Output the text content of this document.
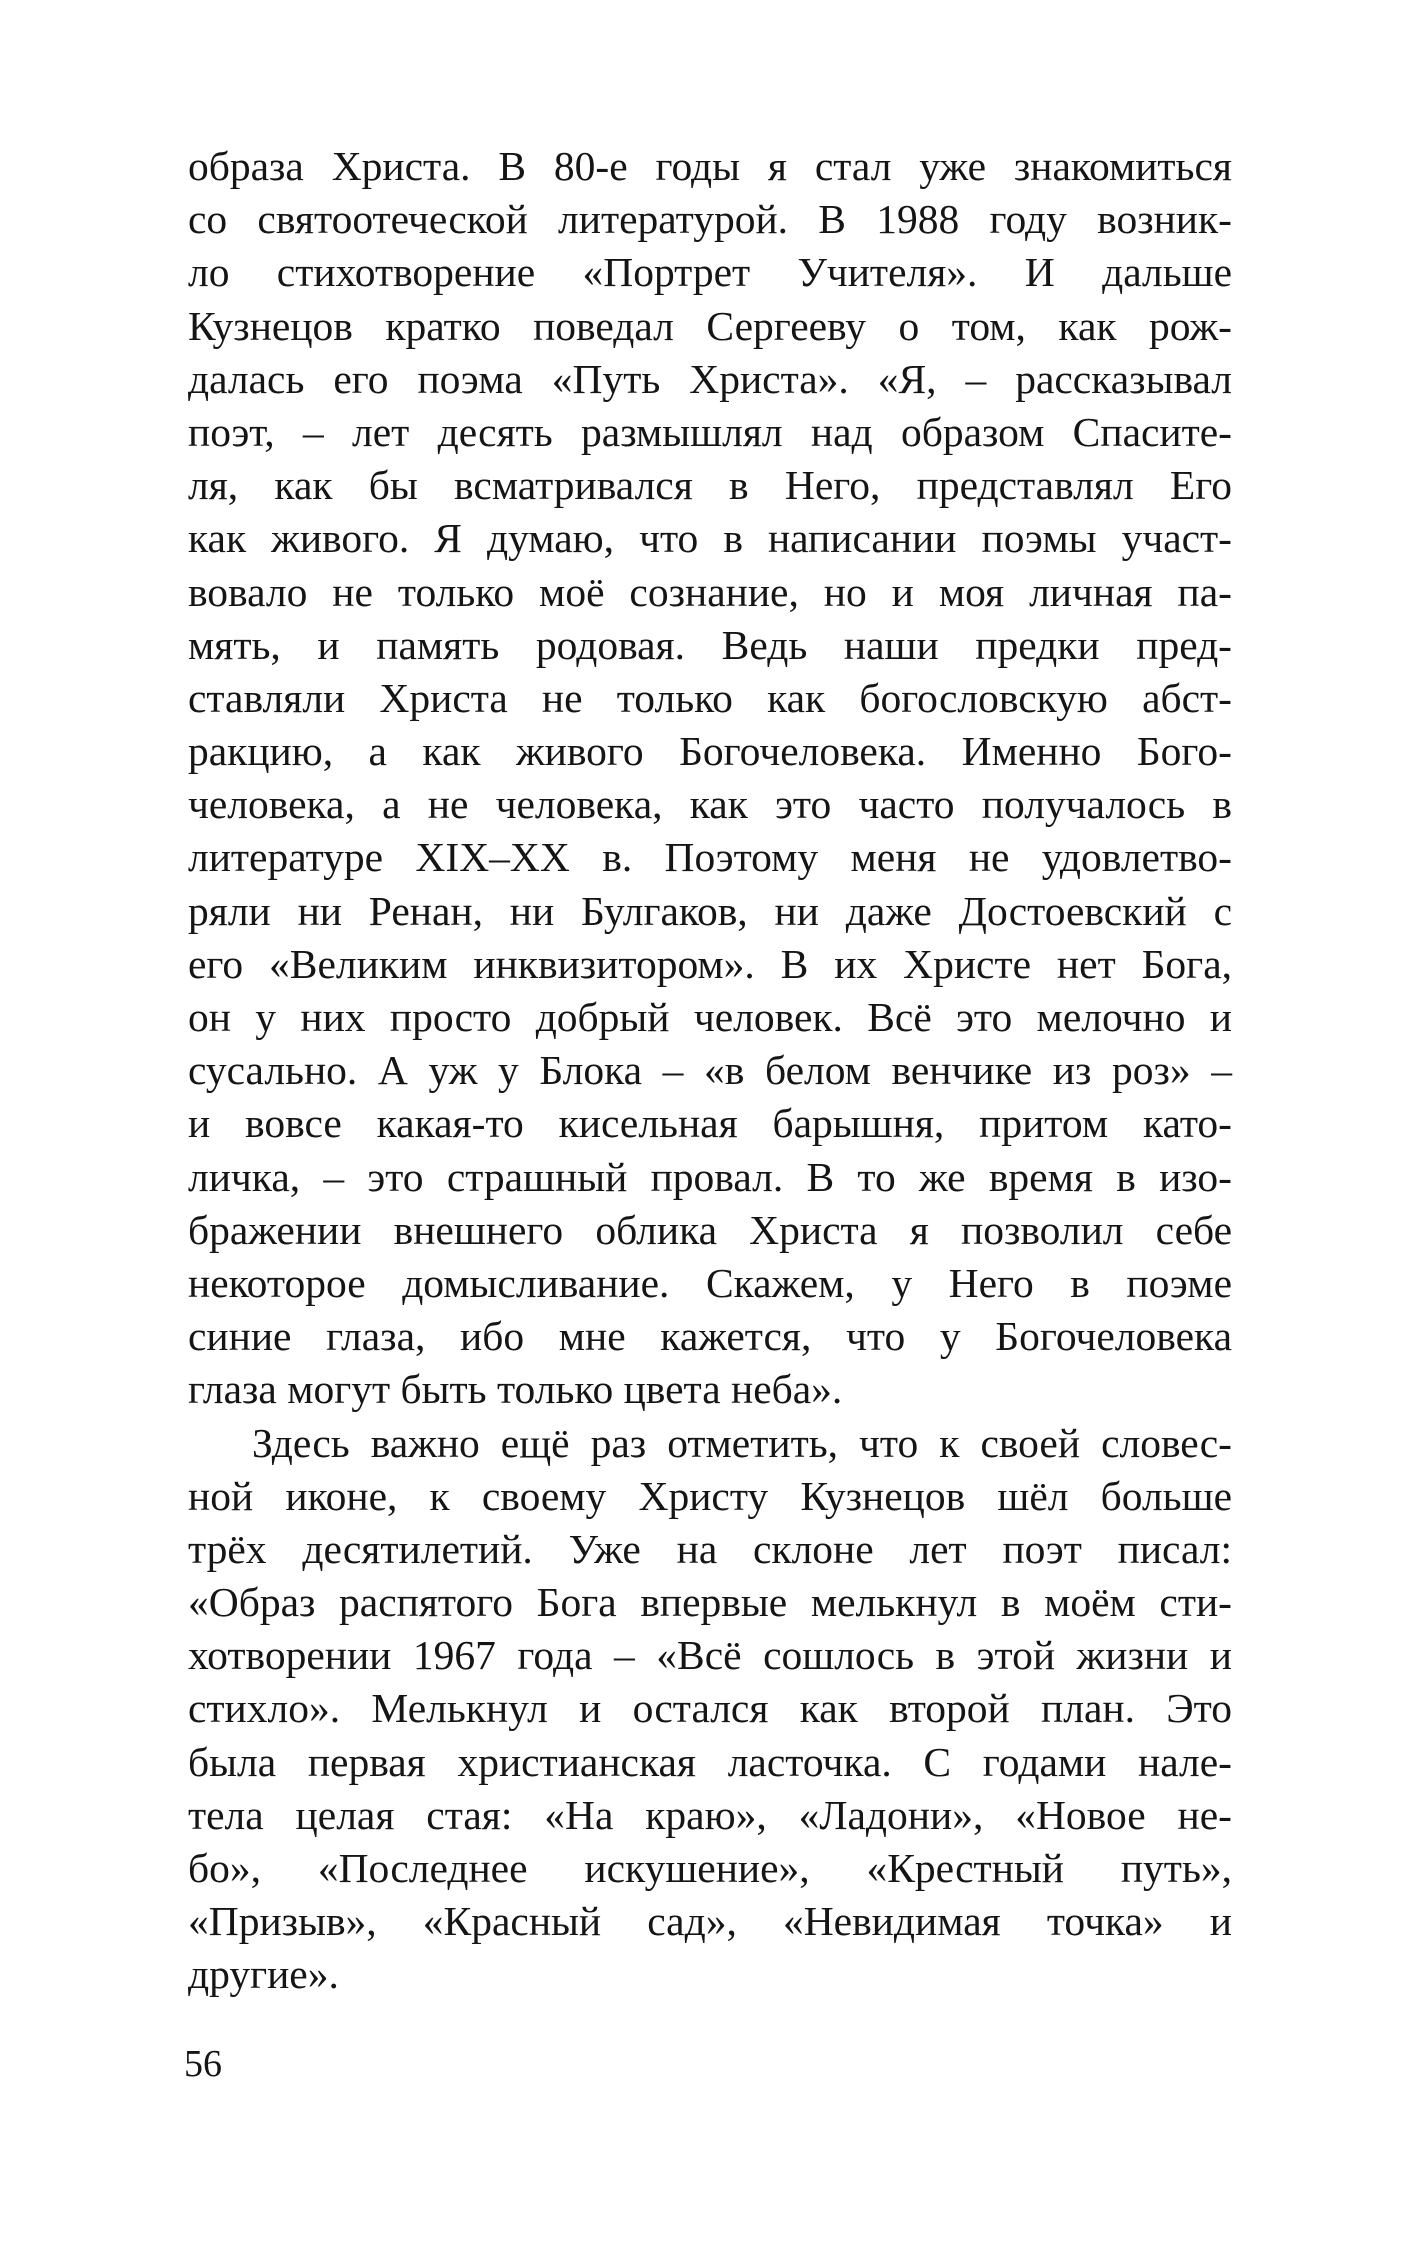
образа Христа. В 80-е годы я стал уже знакомиться
со святоотеческой литературой. В 1988 году возник-
ло стихотворение «Портрет Учителя». И дальше
Кузнецов кратко поведал Сергееву о том, как рож-
далась его поэма «Путь Христа». «Я, – рассказывал
поэт, – лет десять размышлял над образом Спасите-
ля, как бы всматривался в Него, представлял Его
как живого. Я думаю, что в написании поэмы участ-
вовало не только моё сознание, но и моя личная па-
мять, и память родовая. Ведь наши предки пред-
ставляли Христа не только как богословскую абст-
ракцию, а как живого Богочеловека. Именно Бого-
человека, а не человека, как это часто получалось в
литературе XIX–XX в. Поэтому меня не удовлетво-
ряли ни Ренан, ни Булгаков, ни даже Достоевский с
его «Великим инквизитором». В их Христе нет Бога,
он у них просто добрый человек. Всё это мелочно и
сусально. А уж у Блока – «в белом венчике из роз» –
и вовсе какая-то кисельная барышня, притом като-
личка, – это страшный провал. В то же время в изо-
бражении внешнего облика Христа я позволил себе
некоторое домысливание. Скажем, у Него в поэме
синие глаза, ибо мне кажется, что у Богочеловека
глаза могут быть только цвета неба».
Здесь важно ещё раз отметить, что к своей словес-
ной иконе, к своему Христу Кузнецов шёл больше
трёх десятилетий. Уже на склоне лет поэт писал:
«Образ распятого Бога впервые мелькнул в моём сти-
хотворении 1967 года – «Всё сошлось в этой жизни и
стихло». Мелькнул и остался как второй план. Это
была первая христианская ласточка. С годами нале-
тела целая стая: «На краю», «Ладони», «Новое не-
бо», «Последнее искушение», «Крестный путь»,
«Призыв», «Красный сад», «Невидимая точка» и
другие».
56
